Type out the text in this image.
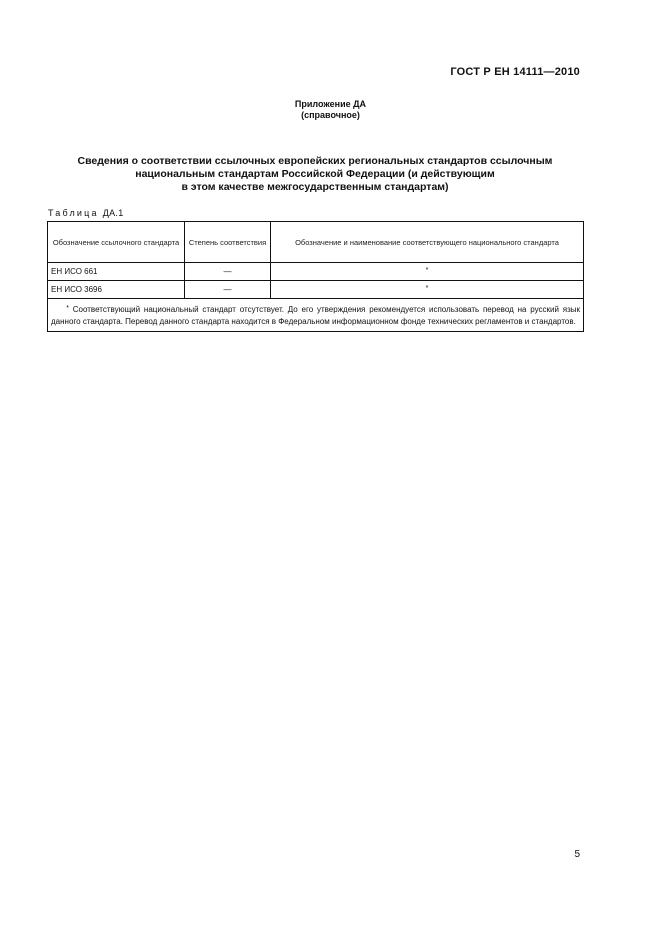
ГОСТ Р ЕН 14111—2010
Приложение ДА
(справочное)
Сведения о соответствии ссылочных европейских региональных стандартов ссылочным
национальным стандартам Российской Федерации (и действующим
в этом качестве межгосударственным стандартам)
Таблица ДА.1
Обозначение ссылочного стандарта	Степень соответствия	Обозначение и наименование соответствующего национального стандарта
ЕН ИСО 661	—	*
ЕН ИСО 3696	—	*
* Соответствующий национальный стандарт отсутствует. До его утверждения рекомендуется использовать перевод на русский язык данного стандарта. Перевод данного стандарта находится в Федеральном информационном фонде технических регламентов и стандартов.		
5
